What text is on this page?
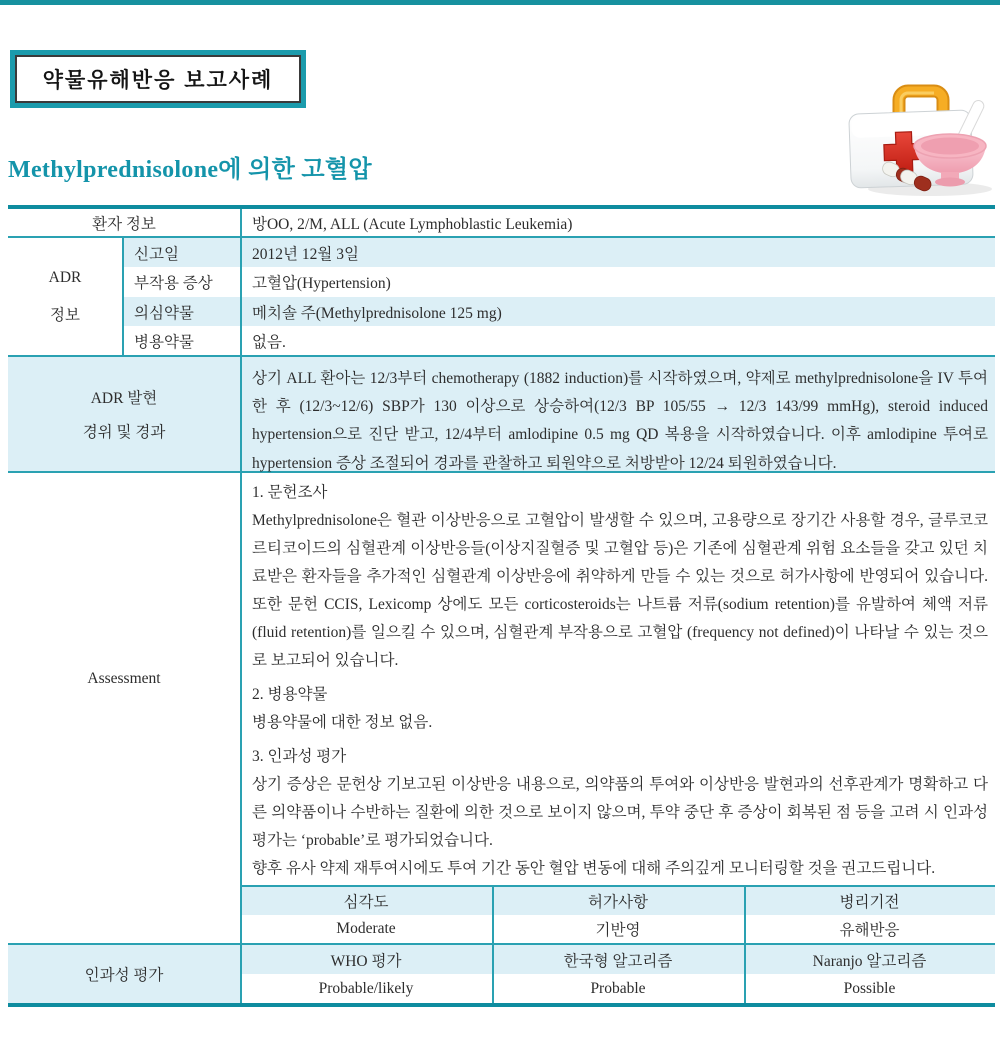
약물유해반응 보고사례
Methylprednisolone에 의한 고혈압
환자 정보	방OO, 2/M, ALL (Acute Lymphoblastic Leukemia)
ADR
정보
신고일	2012년 12월 3일
부작용 증상	고혈압(Hypertension)
의심약물	메치솔 주(Methylprednisolone 125 mg)
병용약물	없음.
ADR 발현
경위 및 경과
상기 ALL 환아는 12/3부터 chemotherapy (1882 induction)를 시작하였으며, 약제로 methylprednisolone을 IV 투여한 후 (12/3~12/6) SBP가 130 이상으로 상승하여(12/3 BP 105/55 → 12/3 143/99 mmHg), steroid induced hypertension으로 진단 받고, 12/4부터 amlodipine 0.5 mg QD 복용을 시작하였습니다. 이후 amlodipine 투여로 hypertension 증상 조절되어 경과를 관찰하고 퇴원약으로 처방받아 12/24 퇴원하였습니다.
Assessment
1. 문헌조사
Methylprednisolone은 혈관 이상반응으로 고혈압이 발생할 수 있으며, 고용량으로 장기간 사용할 경우, 글루코코르티코이드의 심혈관계 이상반응들(이상지질혈증 및 고혈압 등)은 기존에 심혈관계 위험 요소들을 갖고 있던 치료받은 환자들을 추가적인 심혈관계 이상반응에 취약하게 만들 수 있는 것으로 허가사항에 반영되어 있습니다. 또한 문헌 CCIS, Lexicomp 상에도 모든 corticosteroids는 나트륨 저류(sodium retention)를 유발하여 체액 저류(fluid retention)를 일으킬 수 있으며, 심혈관계 부작용으로 고혈압 (frequency not defined)이 나타날 수 있는 것으로 보고되어 있습니다.
2. 병용약물
병용약물에 대한 정보 없음.
3. 인과성 평가
상기 증상은 문헌상 기보고된 이상반응 내용으로, 의약품의 투여와 이상반응 발현과의 선후관계가 명확하고 다른 의약품이나 수반하는 질환에 의한 것으로 보이지 않으며, 투약 중단 후 증상이 회복된 점 등을 고려 시 인과성 평가는 ‘probable’로 평가되었습니다.
향후 유사 약제 재투여시에도 투여 기간 동안 혈압 변동에 대해 주의깊게 모니터링할 것을 권고드립니다.
인과성 평가
심각도	허가사항	병리기전
Moderate	기반영	유해반응
WHO 평가	한국형 알고리즘	Naranjo 알고리즘
Probable/likely	Probable	Possible
